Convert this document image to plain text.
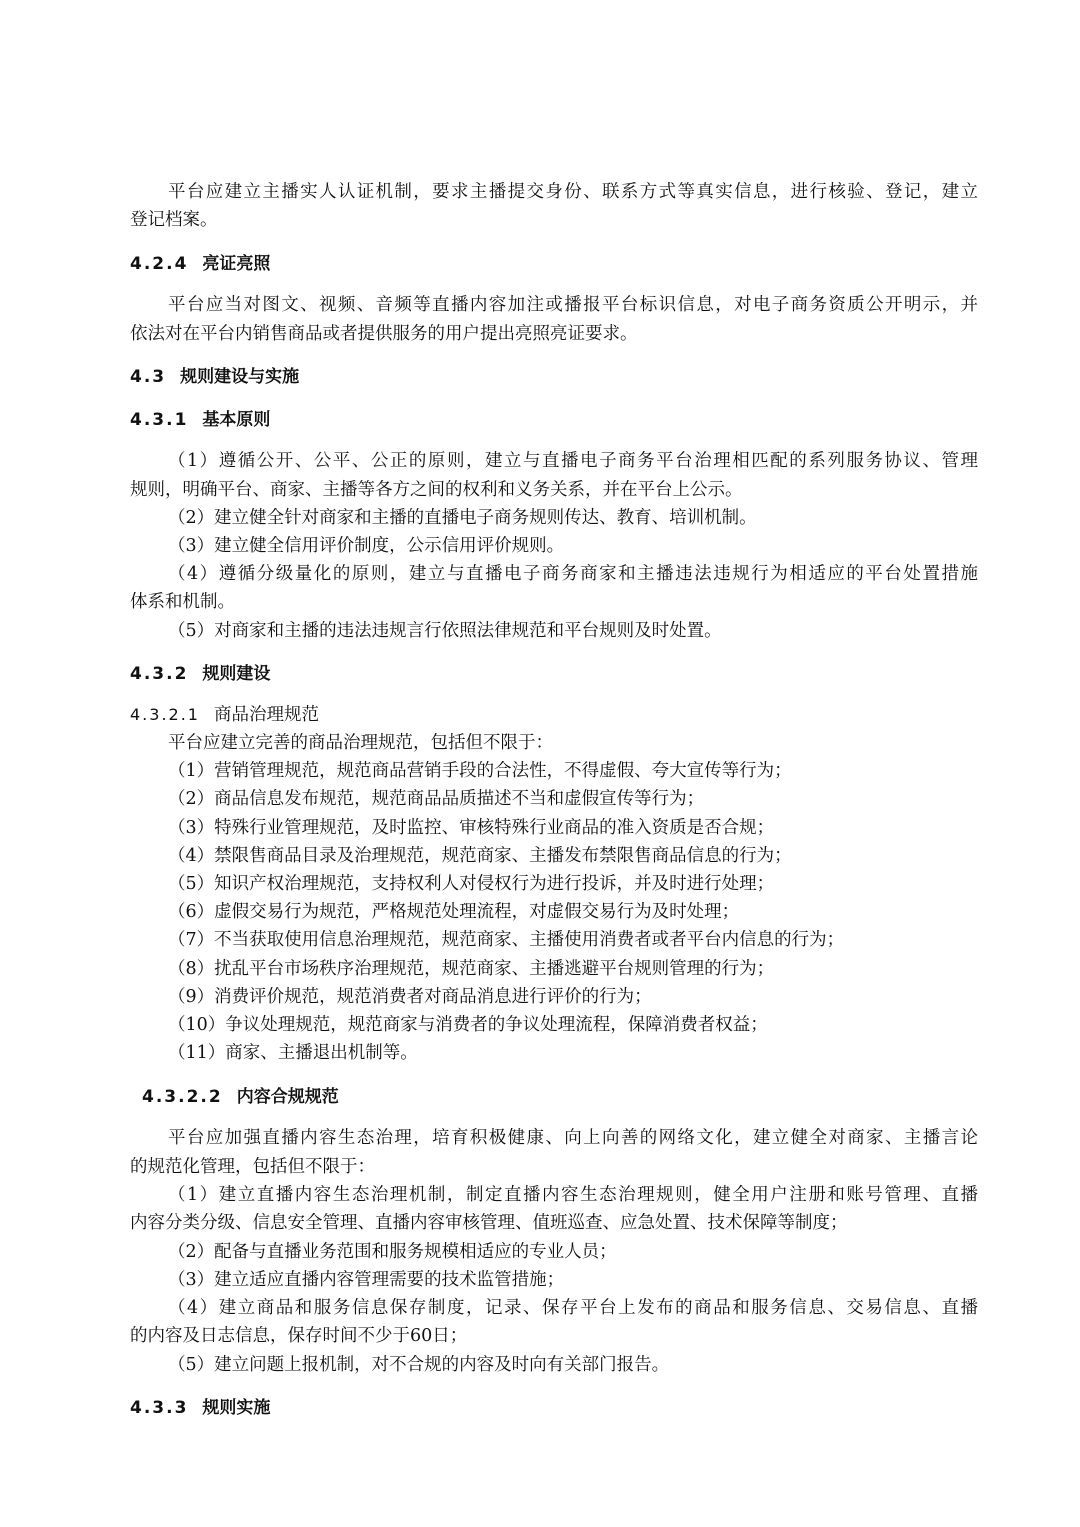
平台应建立主播实人认证机制，要求主播提交身份、联系方式等真实信息，进行核验、登记，建立
登记档案。
4.2.4 亮证亮照
平台应当对图文、视频、音频等直播内容加注或播报平台标识信息，对电子商务资质公开明示，并
依法对在平台内销售商品或者提供服务的用户提出亮照亮证要求。
4.3 规则建设与实施
4.3.1 基本原则
（1）遵循公开、公平、公正的原则，建立与直播电子商务平台治理相匹配的系列服务协议、管理
规则，明确平台、商家、主播等各方之间的权利和义务关系，并在平台上公示。
（2）建立健全针对商家和主播的直播电子商务规则传达、教育、培训机制。
（3）建立健全信用评价制度，公示信用评价规则。
（4）遵循分级量化的原则，建立与直播电子商务商家和主播违法违规行为相适应的平台处置措施
体系和机制。
（5）对商家和主播的违法违规言行依照法律规范和平台规则及时处置。
4.3.2 规则建设
4.3.2.1 商品治理规范
平台应建立完善的商品治理规范，包括但不限于：
（1）营销管理规范，规范商品营销手段的合法性，不得虚假、夸大宣传等行为；
（2）商品信息发布规范，规范商品品质描述不当和虚假宣传等行为；
（3）特殊行业管理规范，及时监控、审核特殊行业商品的准入资质是否合规；
（4）禁限售商品目录及治理规范，规范商家、主播发布禁限售商品信息的行为；
（5）知识产权治理规范，支持权利人对侵权行为进行投诉，并及时进行处理；
（6）虚假交易行为规范，严格规范处理流程，对虚假交易行为及时处理；
（7）不当获取使用信息治理规范，规范商家、主播使用消费者或者平台内信息的行为；
（8）扰乱平台市场秩序治理规范，规范商家、主播逃避平台规则管理的行为；
（9）消费评价规范，规范消费者对商品消息进行评价的行为；
（10）争议处理规范，规范商家与消费者的争议处理流程，保障消费者权益；
（11）商家、主播退出机制等。
4.3.2.2 内容合规规范
平台应加强直播内容生态治理，培育积极健康、向上向善的网络文化，建立健全对商家、主播言论
的规范化管理，包括但不限于：
（1）建立直播内容生态治理机制，制定直播内容生态治理规则，健全用户注册和账号管理、直播
内容分类分级、信息安全管理、直播内容审核管理、值班巡查、应急处置、技术保障等制度；
（2）配备与直播业务范围和服务规模相适应的专业人员；
（3）建立适应直播内容管理需要的技术监管措施；
（4）建立商品和服务信息保存制度，记录、保存平台上发布的商品和服务信息、交易信息、直播
的内容及日志信息，保存时间不少于60日；
（5）建立问题上报机制，对不合规的内容及时向有关部门报告。
4.3.3 规则实施
